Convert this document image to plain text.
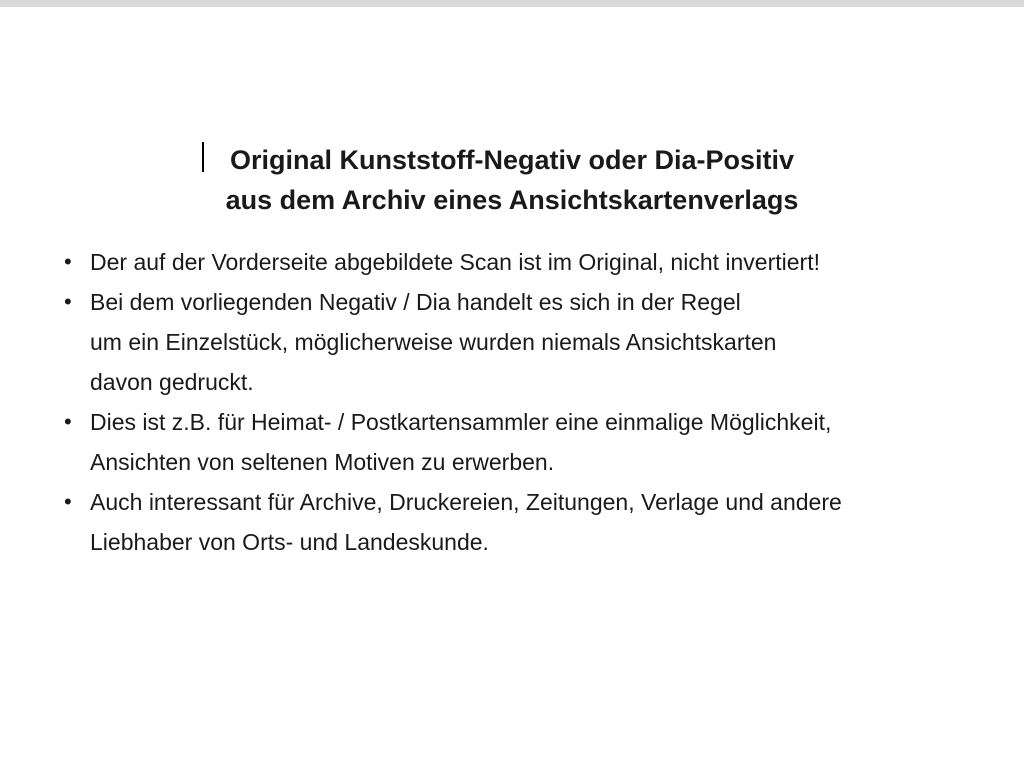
Original Kunststoff-Negativ oder Dia-Positiv
aus dem Archiv eines Ansichtskartenverlags
• Der auf der Vorderseite abgebildete Scan ist im Original, nicht invertiert!
• Bei dem vorliegenden Negativ / Dia handelt es sich in der Regel
um ein Einzelstück, möglicherweise wurden niemals Ansichtskarten
davon gedruckt.
• Dies ist z.B. für Heimat- / Postkartensammler eine einmalige Möglichkeit,
Ansichten von seltenen Motiven zu erwerben.
• Auch interessant für Archive, Druckereien, Zeitungen, Verlage und andere
Liebhaber von Orts- und Landeskunde.
